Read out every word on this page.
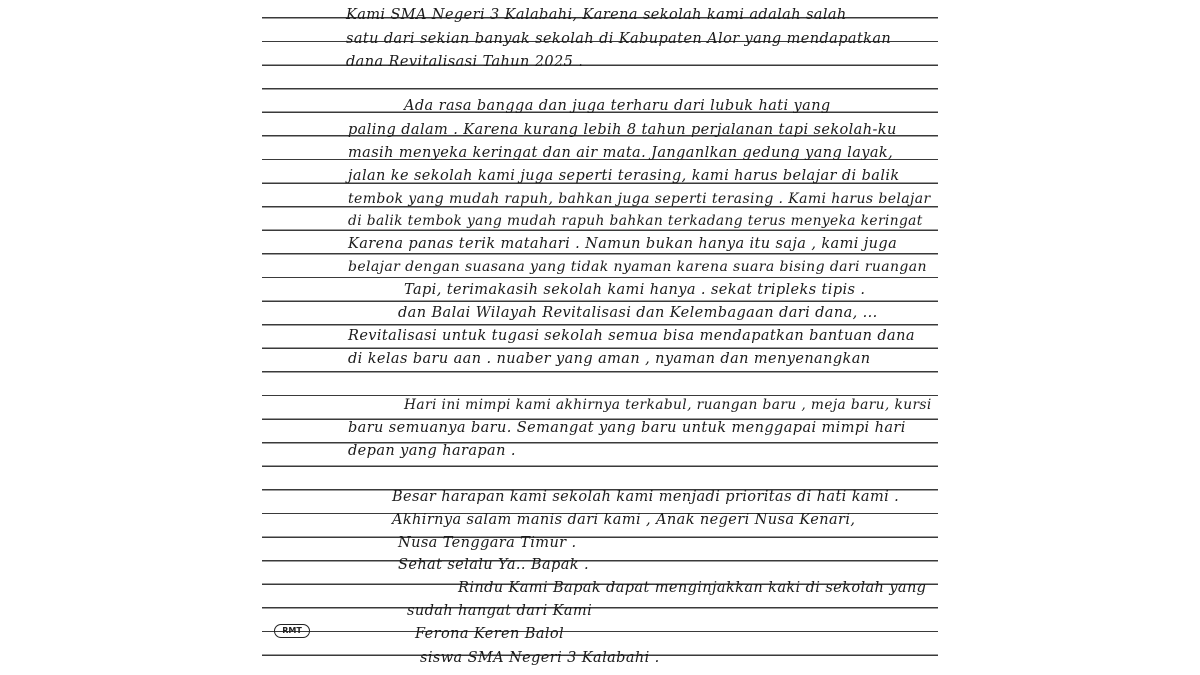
Kami SMA Negeri 3 Kalabahi, Karena sekolah kami adalah salah
satu dari sekian banyak sekolah di Kabupaten Alor yang mendapatkan
dana Revitalisasi Tahun 2025 .
Ada rasa bangga dan juga terharu dari lubuk hati yang
paling dalam . Karena kurang lebih 8 tahun perjalanan tapi sekolah-ku
masih menyeka keringat dan air mata. Janganlkan gedung yang layak,
jalan ke sekolah kami juga seperti terasing, kami harus belajar di balik
tembok yang mudah rapuh, bahkan juga seperti terasing . Kami harus belajar
di balik tembok yang mudah rapuh bahkan terkadang terus menyeka keringat
Karena panas terik matahari . Namun bukan hanya itu saja , kami juga
belajar dengan suasana yang tidak nyaman karena suara bising dari ruangan
Tapi, terimakasih sekolah kami hanya . sekat tripleks tipis .
dan Balai Wilayah Revitalisasi dan Kelembagaan dari dana, ...
Revitalisasi untuk tugasi sekolah semua bisa mendapatkan bantuan dana
di kelas baru aan . nuaber yang aman , nyaman dan menyenangkan
Hari ini mimpi kami akhirnya terkabul, ruangan baru , meja baru, kursi
baru semuanya baru. Semangat yang baru untuk menggapai mimpi hari
depan yang harapan .
Besar harapan kami sekolah kami menjadi prioritas di hati kami .
Akhirnya salam manis dari kami , Anak negeri Nusa Kenari,
Nusa Tenggara Timur .
Sehat selalu Ya.. Bapak .
Rindu Kami Bapak dapat menginjakkan kaki di sekolah yang
sudah hangat dari Kami
Ferona Keren Balol
siswa SMA Negeri 3 Kalabahi .
RMT
